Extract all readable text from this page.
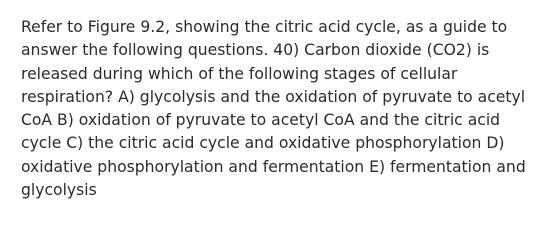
Refer to Figure 9.2, showing the citric acid cycle, as a guide to
answer the following questions. 40) Carbon dioxide (CO2) is
released during which of the following stages of cellular
respiration? A) glycolysis and the oxidation of pyruvate to acetyl
CoA B) oxidation of pyruvate to acetyl CoA and the citric acid
cycle C) the citric acid cycle and oxidative phosphorylation D)
oxidative phosphorylation and fermentation E) fermentation and
glycolysis
